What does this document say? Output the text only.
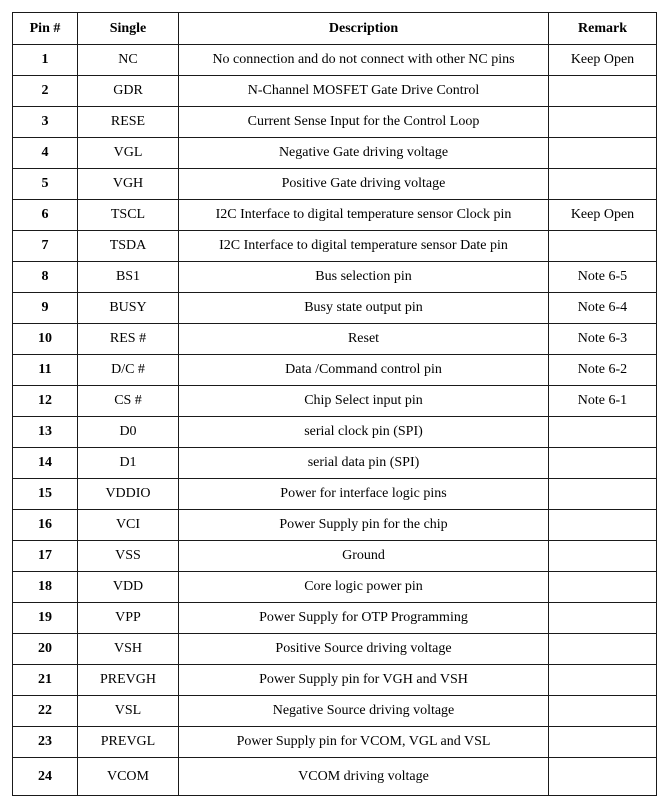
Pin #	Single	Description	Remark
1	NC	No connection and do not connect with other NC pins	Keep Open
2	GDR	N-Channel MOSFET Gate Drive Control	
3	RESE	Current Sense Input for the Control Loop	
4	VGL	Negative Gate driving voltage	
5	VGH	Positive Gate driving voltage	
6	TSCL	I2C Interface to digital temperature sensor Clock pin	Keep Open
7	TSDA	I2C Interface to digital temperature sensor Date pin	
8	BS1	Bus selection pin	Note 6-5
9	BUSY	Busy state output pin	Note 6-4
10	RES #	Reset	Note 6-3
11	D/C #	Data /Command control pin	Note 6-2
12	CS #	Chip Select input pin	Note 6-1
13	D0	serial clock pin (SPI)	
14	D1	serial data pin (SPI)	
15	VDDIO	Power for interface logic pins	
16	VCI	Power Supply pin for the chip	
17	VSS	Ground	
18	VDD	Core logic power pin	
19	VPP	Power Supply for OTP Programming	
20	VSH	Positive Source driving voltage	
21	PREVGH	Power Supply pin for VGH and VSH	
22	VSL	Negative Source driving voltage	
23	PREVGL	Power Supply pin for VCOM, VGL and VSL	
24	VCOM	VCOM driving voltage	
